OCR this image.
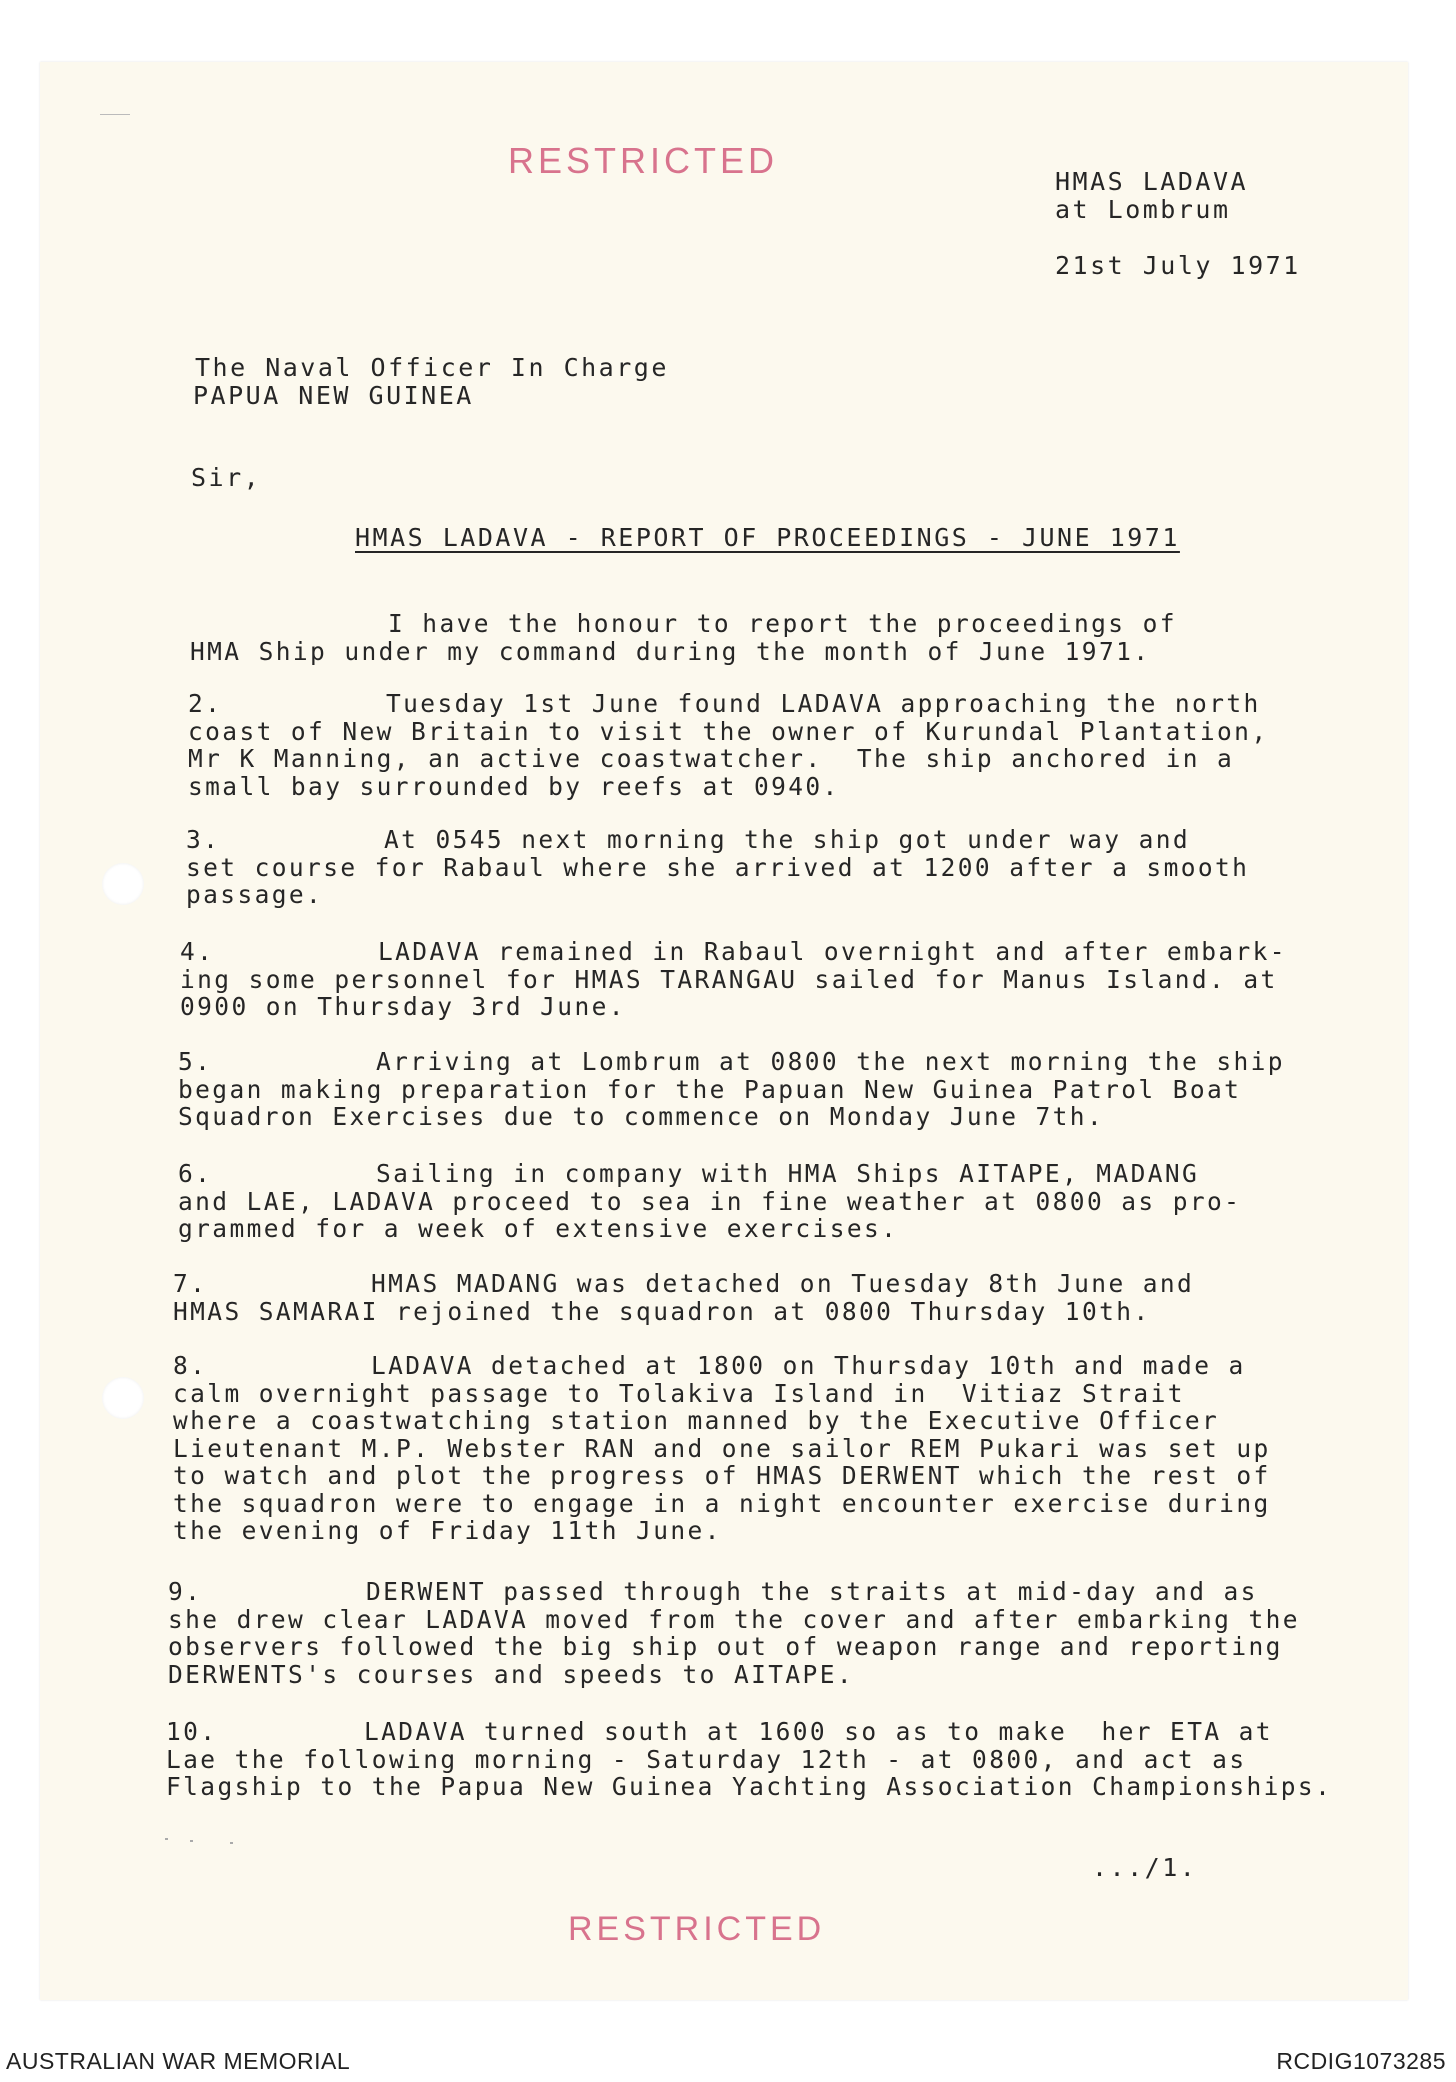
RESTRICTED
HMAS LADAVA
at Lombrum
21st July 1971
The Naval Officer In Charge
PAPUA NEW GUINEA
Sir,
HMAS LADAVA - REPORT OF PROCEEDINGS - JUNE 1971
I have the honour to report the proceedings of
HMA Ship under my command during the month of June 1971.
2.	Tuesday 1st June found LADAVA approaching the north
coast of New Britain to visit the owner of Kurundal Plantation,
Mr K Manning, an active coastwatcher.  The ship anchored in a
small bay surrounded by reefs at 0940.
3.	At 0545 next morning the ship got under way and
set course for Rabaul where she arrived at 1200 after a smooth
passage.
4.	LADAVA remained in Rabaul overnight and after embark-
ing some personnel for HMAS TARANGAU sailed for Manus Island. at
0900 on Thursday 3rd June.
5.	Arriving at Lombrum at 0800 the next morning the ship
began making preparation for the Papuan New Guinea Patrol Boat
Squadron Exercises due to commence on Monday June 7th.
6.	Sailing in company with HMA Ships AITAPE, MADANG
and LAE, LADAVA proceed to sea in fine weather at 0800 as pro-
grammed for a week of extensive exercises.
7.	HMAS MADANG was detached on Tuesday 8th June and
HMAS SAMARAI rejoined the squadron at 0800 Thursday 10th.
8.	LADAVA detached at 1800 on Thursday 10th and made a
calm overnight passage to Tolakiva Island in  Vitiaz Strait
where a coastwatching station manned by the Executive Officer
Lieutenant M.P. Webster RAN and one sailor REM Pukari was set up
to watch and plot the progress of HMAS DERWENT which the rest of
the squadron were to engage in a night encounter exercise during
the evening of Friday 11th June.
9.	DERWENT passed through the straits at mid-day and as
she drew clear LADAVA moved from the cover and after embarking the
observers followed the big ship out of weapon range and reporting
DERWENTS's courses and speeds to AITAPE.
10.	LADAVA turned south at 1600 so as to make  her ETA at
Lae the following morning - Saturday 12th - at 0800, and act as
Flagship to the Papua New Guinea Yachting Association Championships.
.../1.
RESTRICTED
AUSTRALIAN WAR MEMORIAL	RCDIG1073285
